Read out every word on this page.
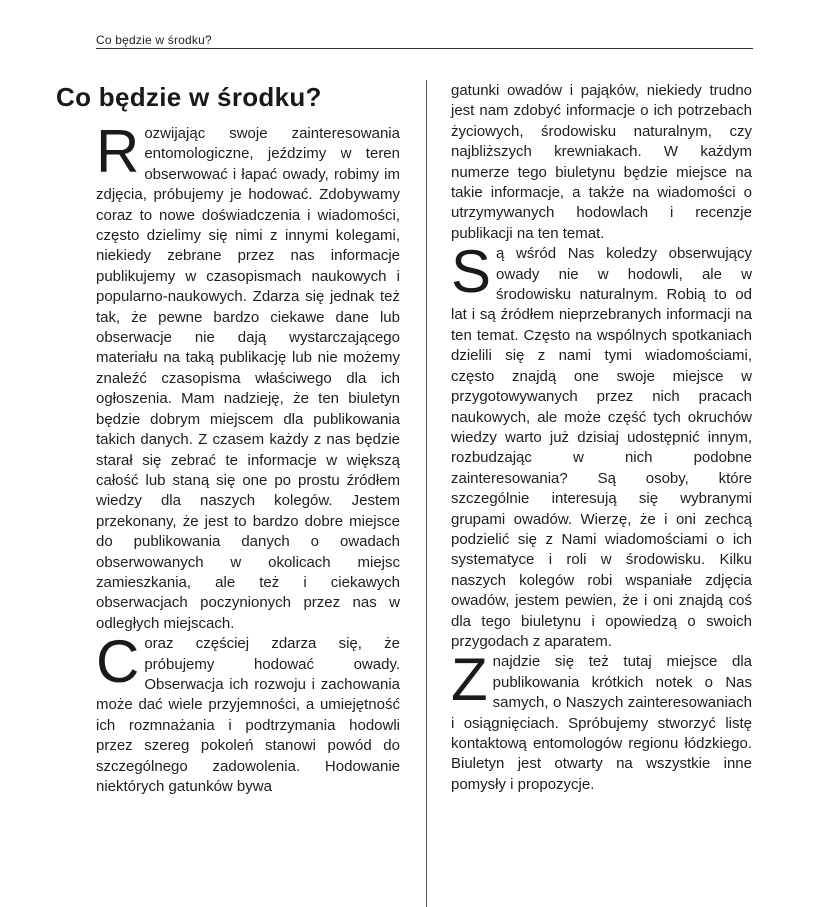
Co będzie w środku?
Co będzie w środku?

Rozwijając swoje zainteresowania entomologiczne, jeździmy w teren obserwować i łapać owady, robimy im zdjęcia, próbujemy je hodować. Zdobywamy coraz to nowe doświadczenia i wiadomości, często dzielimy się nimi z innymi kolegami, niekiedy zebrane przez nas informacje publikujemy w czasopismach naukowych i popularno-naukowych. Zdarza się jednak też tak, że pewne bardzo ciekawe dane lub obserwacje nie dają wystarczającego materiału na taką publikację lub nie możemy znaleźć czasopisma właściwego dla ich ogłoszenia. Mam nadzieję, że ten biuletyn będzie dobrym miejscem dla publikowania takich danych. Z czasem każdy z nas będzie starał się zebrać te informacje w większą całość lub staną się one po prostu źródłem wiedzy dla naszych kolegów. Jestem przekonany, że jest to bardzo dobre miejsce do publikowania danych o owadach obserwowanych w okolicach miejsc zamieszkania, ale też i ciekawych obserwacjach poczynionych przez nas w odległych miejscach.

Coraz częściej zdarza się, że próbujemy hodować owady. Obserwacja ich rozwoju i zachowania może dać wiele przyjemności, a umiejętność ich rozmnażania i podtrzymania hodowli przez szereg pokoleń stanowi powód do szczególnego zadowolenia. Hodowanie niektórych gatunków bywa

gatunki owadów i pająków, niekiedy trudno jest nam zdobyć informacje o ich potrzebach życiowych, środowisku naturalnym, czy najbliższych krewniakach. W każdym numerze tego biuletynu będzie miejsce na takie informacje, a także na wiadomości o utrzymywanych hodowlach i recenzje publikacji na ten temat.

Są wśród Nas koledzy obserwujący owady nie w hodowli, ale w środowisku naturalnym. Robią to od lat i są źródłem nieprzebranych informacji na ten temat. Często na wspólnych spotkaniach dzielili się z nami tymi wiadomościami, często znajdą one swoje miejsce w przygotowywanych przez nich pracach naukowych, ale może część tych okruchów wiedzy warto już dzisiaj udostępnić innym, rozbudzając w nich podobne zainteresowania? Są osoby, które szczególnie interesują się wybranymi grupami owadów. Wierzę, że i oni zechcą podzielić się z Nami wiadomościami o ich systematyce i roli w środowisku. Kilku naszych kolegów robi wspaniałe zdjęcia owadów, jestem pewien, że i oni znajdą coś dla tego biuletynu i opowiedzą o swoich przygodach z aparatem.

Znajdzie się też tutaj miejsce dla publikowania krótkich notek o Nas samych, o Naszych zainteresowaniach i osiągnięciach. Spróbujemy stworzyć listę kontaktową entomologów regionu łódzkiego. Biuletyn jest otwarty na wszystkie inne pomysły i propozycje.
